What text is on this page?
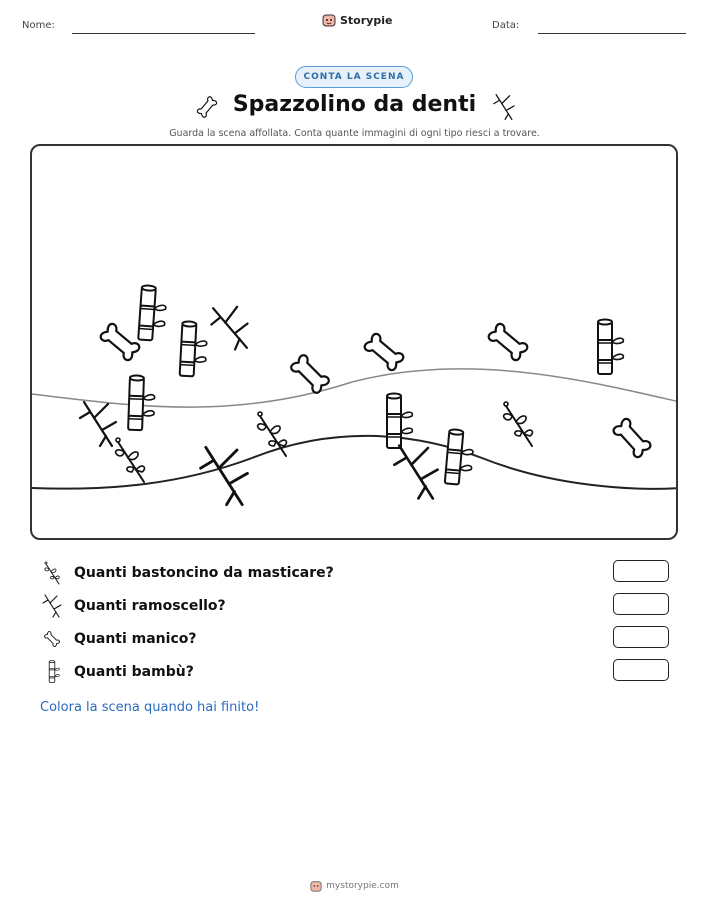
Nome:	Storypie	Data:
CONTA LA SCENA
Spazzolino da denti
Guarda la scena affollata. Conta quante immagini di ogni tipo riesci a trovare.
Quanti bastoncino da masticare?
Quanti ramoscello?
Quanti manico?
Quanti bambù?
Colora la scena quando hai finito!
mystorypie.com
